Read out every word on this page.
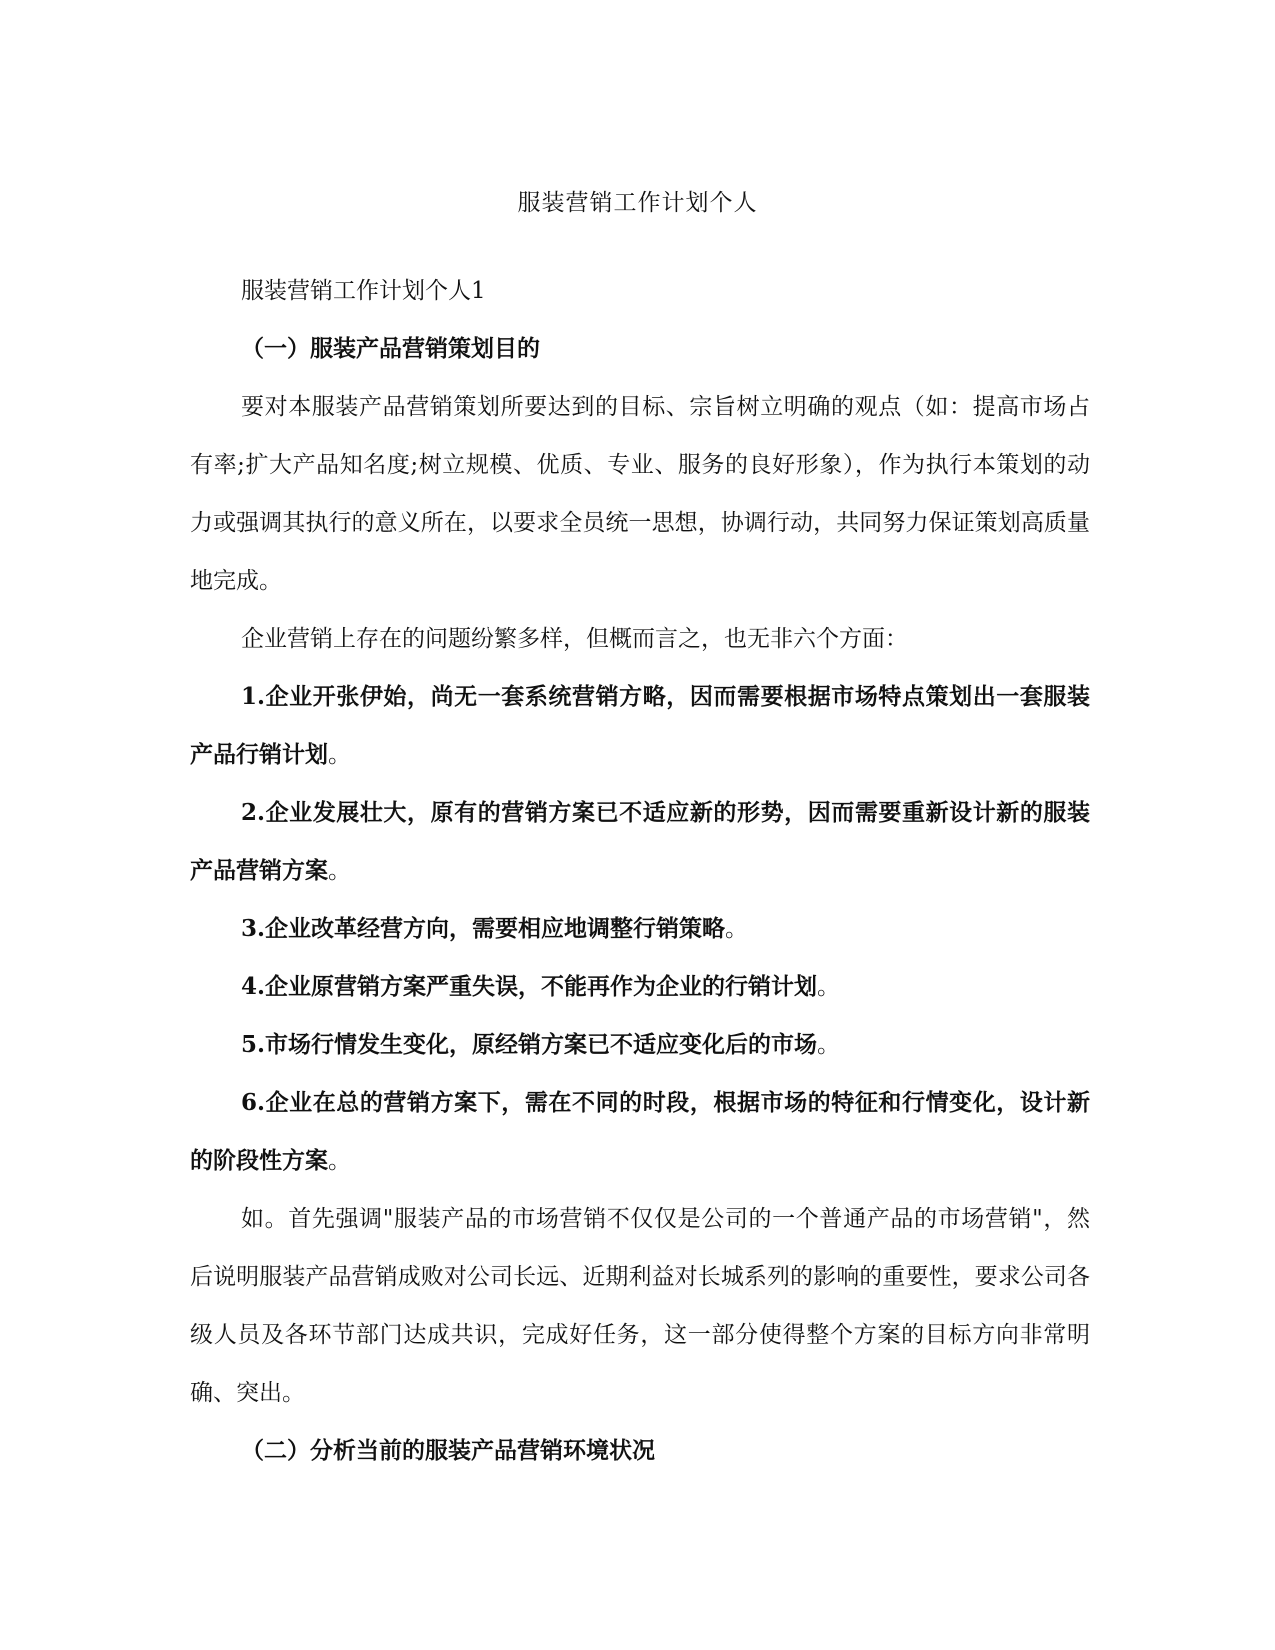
服装营销工作计划个人

服装营销工作计划个人1

（一）服装产品营销策划目的

要对本服装产品营销策划所要达到的目标、宗旨树立明确的观点（如：提高市场占有率;扩大产品知名度;树立规模、优质、专业、服务的良好形象），作为执行本策划的动力或强调其执行的意义所在，以要求全员统一思想，协调行动，共同努力保证策划高质量地完成。

企业营销上存在的问题纷繁多样，但概而言之，也无非六个方面：

1.企业开张伊始，尚无一套系统营销方略，因而需要根据市场特点策划出一套服装产品行销计划。

2.企业发展壮大，原有的营销方案已不适应新的形势，因而需要重新设计新的服装产品营销方案。

3.企业改革经营方向，需要相应地调整行销策略。

4.企业原营销方案严重失误，不能再作为企业的行销计划。

5.市场行情发生变化，原经销方案已不适应变化后的市场。

6.企业在总的营销方案下，需在不同的时段，根据市场的特征和行情变化，设计新的阶段性方案。

如。首先强调"服装产品的市场营销不仅仅是公司的一个普通产品的市场营销"，然后说明服装产品营销成败对公司长远、近期利益对长城系列的影响的重要性，要求公司各级人员及各环节部门达成共识，完成好任务，这一部分使得整个方案的目标方向非常明确、突出。

（二）分析当前的服装产品营销环境状况
